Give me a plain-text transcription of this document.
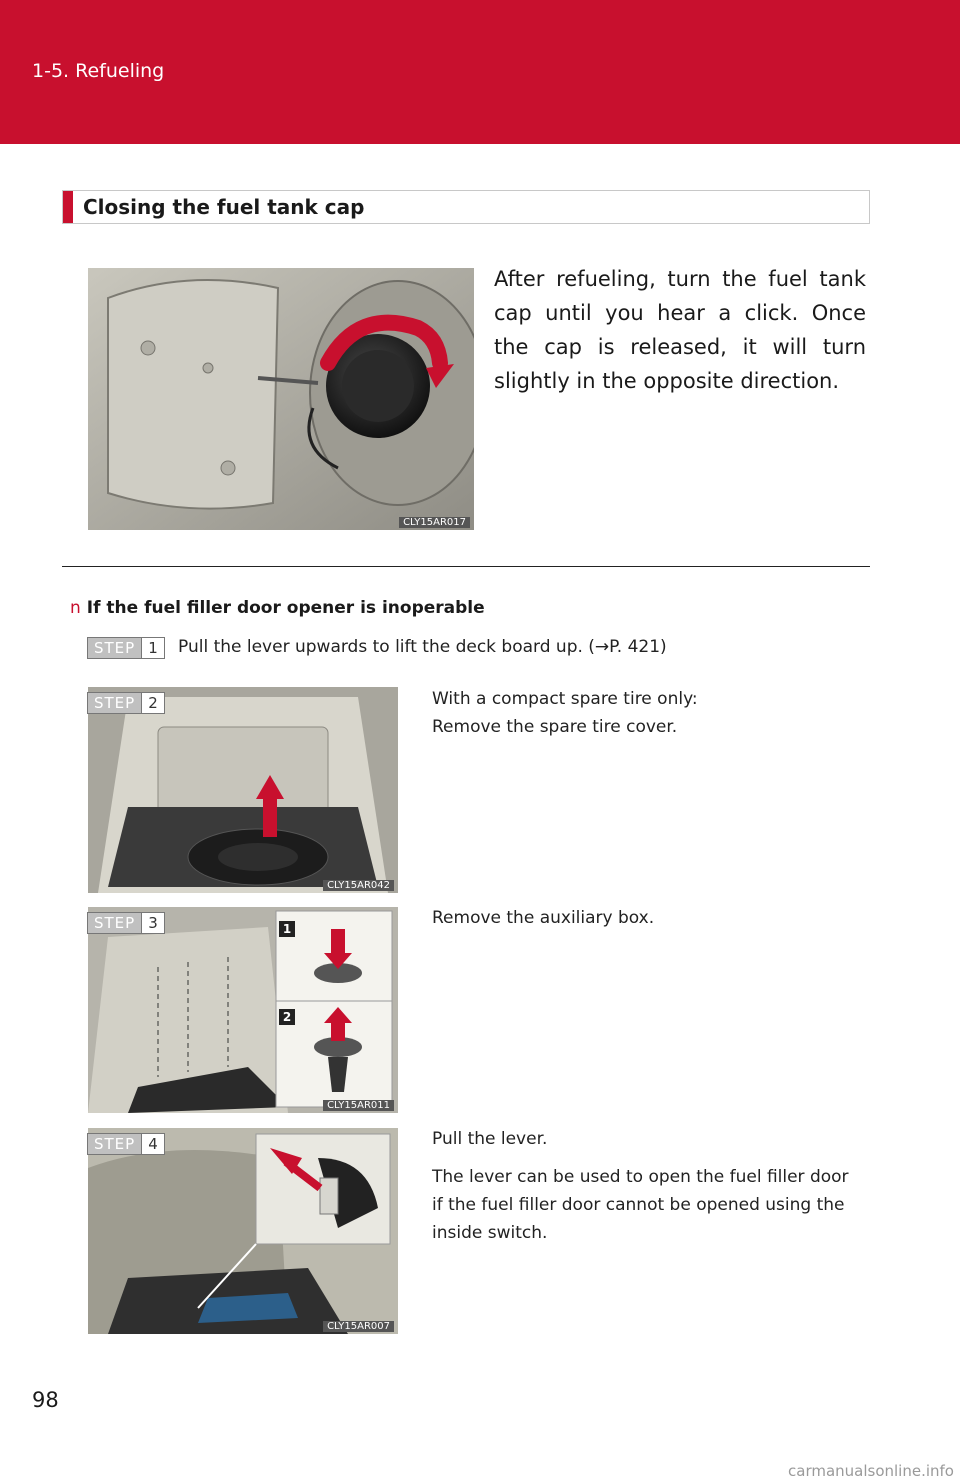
1-5. Refueling
Closing the fuel tank cap
CLY15AR017
After refueling, turn the fuel tank cap until you hear a click. Once the cap is released, it will turn slightly in the opposite direction.
n If the fuel filler door opener is inoperable
STEP 1	Pull the lever upwards to lift the deck board up. (→P. 421)
STEP 2
CLY15AR042
With a compact spare tire only:
Remove the spare tire cover.
1
2
CLY15AR011
STEP 3	Remove the auxiliary box.
CLY15AR007
STEP 4	Pull the lever.
The lever can be used to open the fuel filler door if the fuel filler door cannot be opened using the inside switch.
98
carmanualsonline.info
